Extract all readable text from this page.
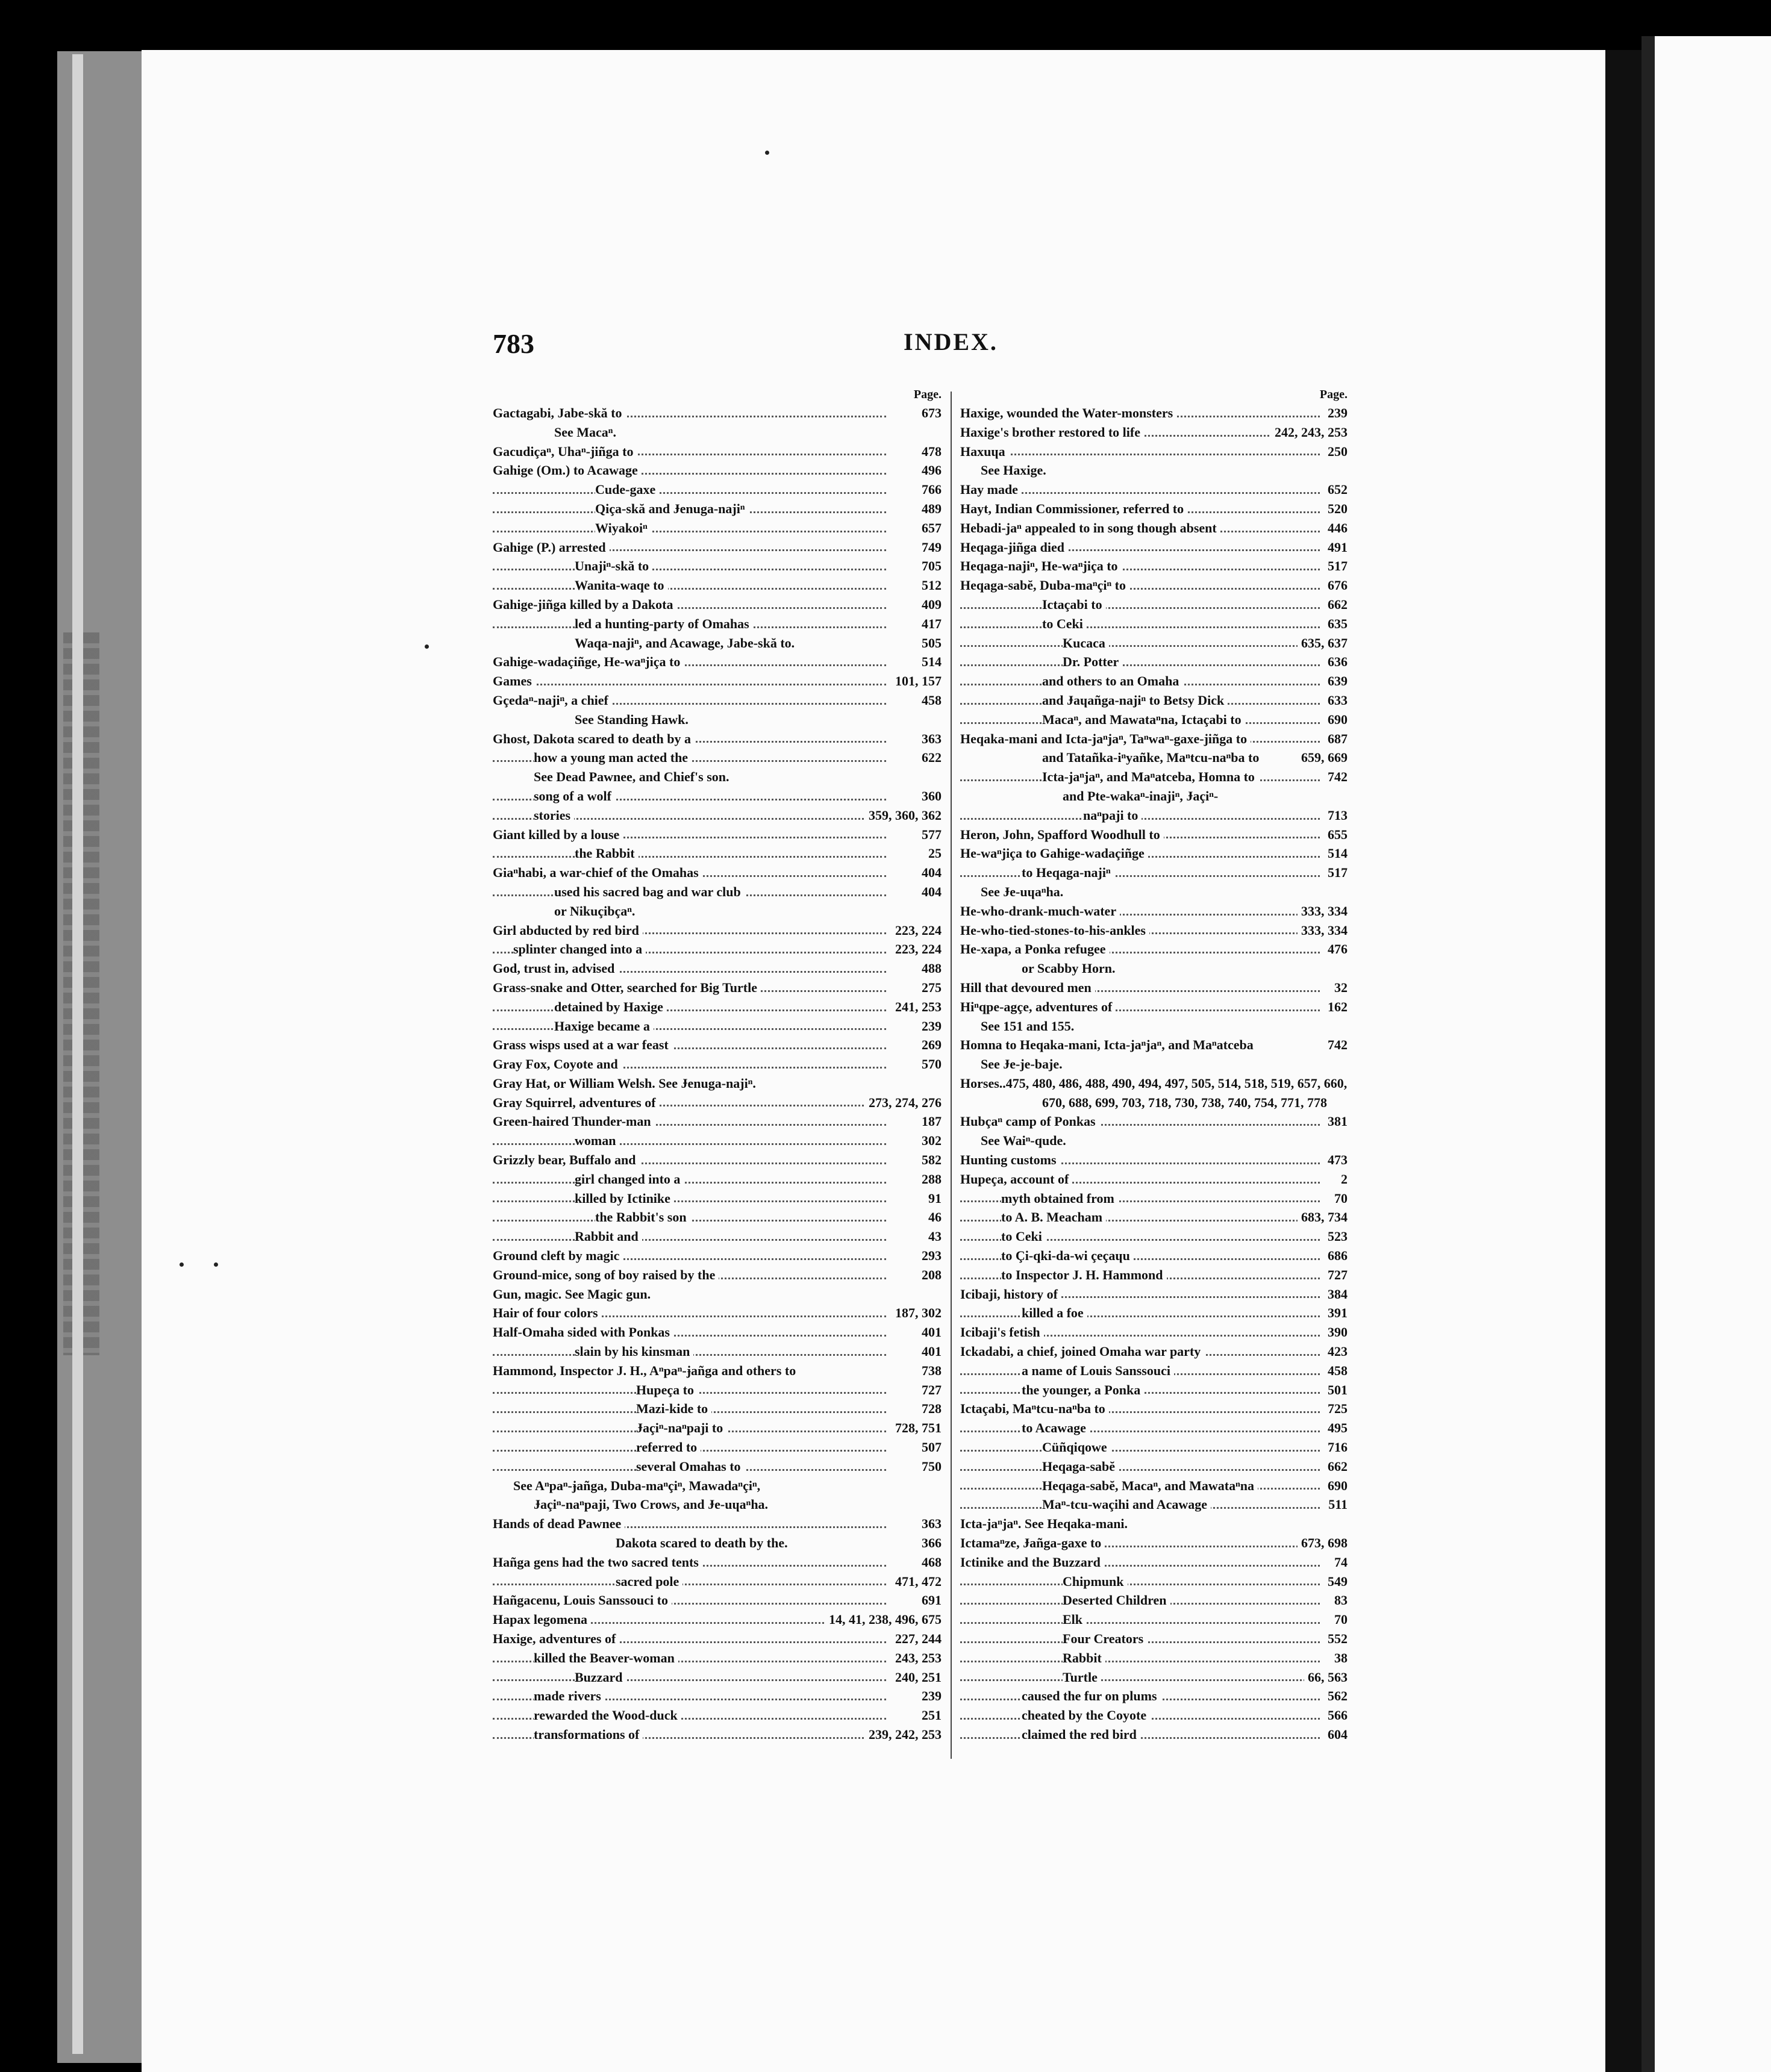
783	INDEX.
Page.
Gactagabi, Jabe-skă to	673
See Macaⁿ.
Gacudiçaⁿ, Uhaⁿ-jiñga to	478
Gahige (Om.) to Acawage	496
Cude-gaxe	766
Qiça-skă and Ɉenuga-najiⁿ	489
Wiyakoiⁿ	657
Gahige (P.) arrested	749
Unajiⁿ-skă to	705
Wanita-waqe to	512
Gahige-jiñga killed by a Dakota	409
led a hunting-party of Omahas	417
Waqa-najiⁿ, and Acawage, Jabe-skă to.	505
Gahige-wadaçiñge, He-waⁿjiça to	514
Games	101, 157
Gçedaⁿ-najiⁿ, a chief	458
See Standing Hawk.
Ghost, Dakota scared to death by a	363
how a young man acted the	622
See Dead Pawnee, and Chief's son.
song of a wolf	360
stories	359, 360, 362
Giant killed by a louse	577
the Rabbit	25
Giaⁿhabi, a war-chief of the Omahas	404
used his sacred bag and war club	404
or Nikuçibçaⁿ.
Girl abducted by red bird	223, 224
splinter changed into a	223, 224
God, trust in, advised	488
Grass-snake and Otter, searched for Big Turtle	275
detained by Haxige	241, 253
Haxige became a	239
Grass wisps used at a war feast	269
Gray Fox, Coyote and	570
Gray Hat, or William Welsh. See Ɉenuga-najiⁿ.
Gray Squirrel, adventures of	273, 274, 276
Green-haired Thunder-man	187
woman	302
Grizzly bear, Buffalo and	582
girl changed into a	288
killed by Ictinike	91
the Rabbit's son	46
Rabbit and	43
Ground cleft by magic	293
Ground-mice, song of boy raised by the	208
Gun, magic. See Magic gun.
Hair of four colors	187, 302
Half-Omaha sided with Ponkas	401
slain by his kinsman	401
Hammond, Inspector J. H., Aⁿpaⁿ-ɉañga and others to	738
Hupeça to	727
Mazi-kide to	728
Ɉaçiⁿ-naⁿpaji to	728, 751
referred to	507
several Omahas to	750
See Aⁿpaⁿ-ɉañga, Duba-maⁿçiⁿ, Mawadaⁿçiⁿ,
Ɉaçiⁿ-naⁿpaji, Two Crows, and Ɉe-uɥaⁿha.
Hands of dead Pawnee	363
Dakota scared to death by the.	366
Hañga gens had the two sacred tents	468
sacred pole	471, 472
Hañgacenu, Louis Sanssouci to	691
Hapax legomena	14, 41, 238, 496, 675
Haxige, adventures of	227, 244
killed the Beaver-woman	243, 253
Buzzard	240, 251
made rivers	239
rewarded the Wood-duck	251
transformations of	239, 242, 253
Page.
Haxige, wounded the Water-monsters	239
Haxige's brother restored to life	242, 243, 253
Haxuɥa	250
See Haxige.
Hay made	652
Hayt, Indian Commissioner, referred to	520
Hebadi-jaⁿ appealed to in song though absent	446
Heqaga-jiñga died	491
Heqaga-najiⁿ, He-waⁿjiça to	517
Heqaga-sabĕ, Duba-maⁿçiⁿ to	676
Ictaçabi to	662
to Ceki	635
Kucaca	635, 637
Dr. Potter	636
and others to an Omaha	639
and Ɉaɥañga-najiⁿ to Betsy Dick	633
Macaⁿ, and Mawataⁿna, Ictaçabi to	690
Heqaka-mani and Icta-jaⁿjaⁿ, Taⁿwaⁿ-gaxe-jiñga to	687
and Tatañka-iⁿyañke, Maⁿtcu-naⁿba to	659, 669
Icta-jaⁿjaⁿ, and Maⁿatceba, Homna to	742
and Pte-wakaⁿ-inajiⁿ, Ɉaçiⁿ-
naⁿpaji to	713
Heron, John, Spafford Woodhull to	655
He-waⁿjiça to Gahige-wadaçiñge	514
to Heqaga-najiⁿ	517
See Ɉe-uɥaⁿha.
He-who-drank-much-water	333, 334
He-who-tied-stones-to-his-ankles	333, 334
He-xapa, a Ponka refugee	476
or Scabby Horn.
Hill that devoured men	32
Hiⁿqpe-agçe, adventures of	162
See 151 and 155.
Homna to Heqaka-mani, Icta-jaⁿjaⁿ, and Maⁿatceba	742
See Ɉe-je-baje.
Horses..475, 480, 486, 488, 490, 494, 497, 505, 514, 518, 519, 657, 660,
670, 688, 699, 703, 718, 730, 738, 740, 754, 771, 778
Hubçaⁿ camp of Ponkas	381
See Waiⁿ-qude.
Hunting customs	473
Hupeça, account of	2
myth obtained from	70
to A. B. Meacham	683, 734
to Ceki	523
to Çi-qki-da-wi çeçaɥu	686
to Inspector J. H. Hammond	727
Icibaji, history of	384
killed a foe	391
Icibaji's fetish	390
Ickadabi, a chief, joined Omaha war party	423
a name of Louis Sanssouci	458
the younger, a Ponka	501
Ictaçabi, Maⁿtcu-naⁿba to	725
to Acawage	495
Cüñqiqowe	716
Heqaga-sabĕ	662
Heqaga-sabĕ, Macaⁿ, and Mawataⁿna	690
Maⁿ-tcu-waçihi and Acawage	511
Icta-jaⁿjaⁿ. See Heqaka-mani.
Ictamaⁿze, Ɉañga-gaxe to	673, 698
Ictinike and the Buzzard	74
Chipmunk	549
Deserted Children	83
Elk	70
Four Creators	552
Rabbit	38
Turtle	66, 563
caused the fur on plums	562
cheated by the Coyote	566
claimed the red bird	604
